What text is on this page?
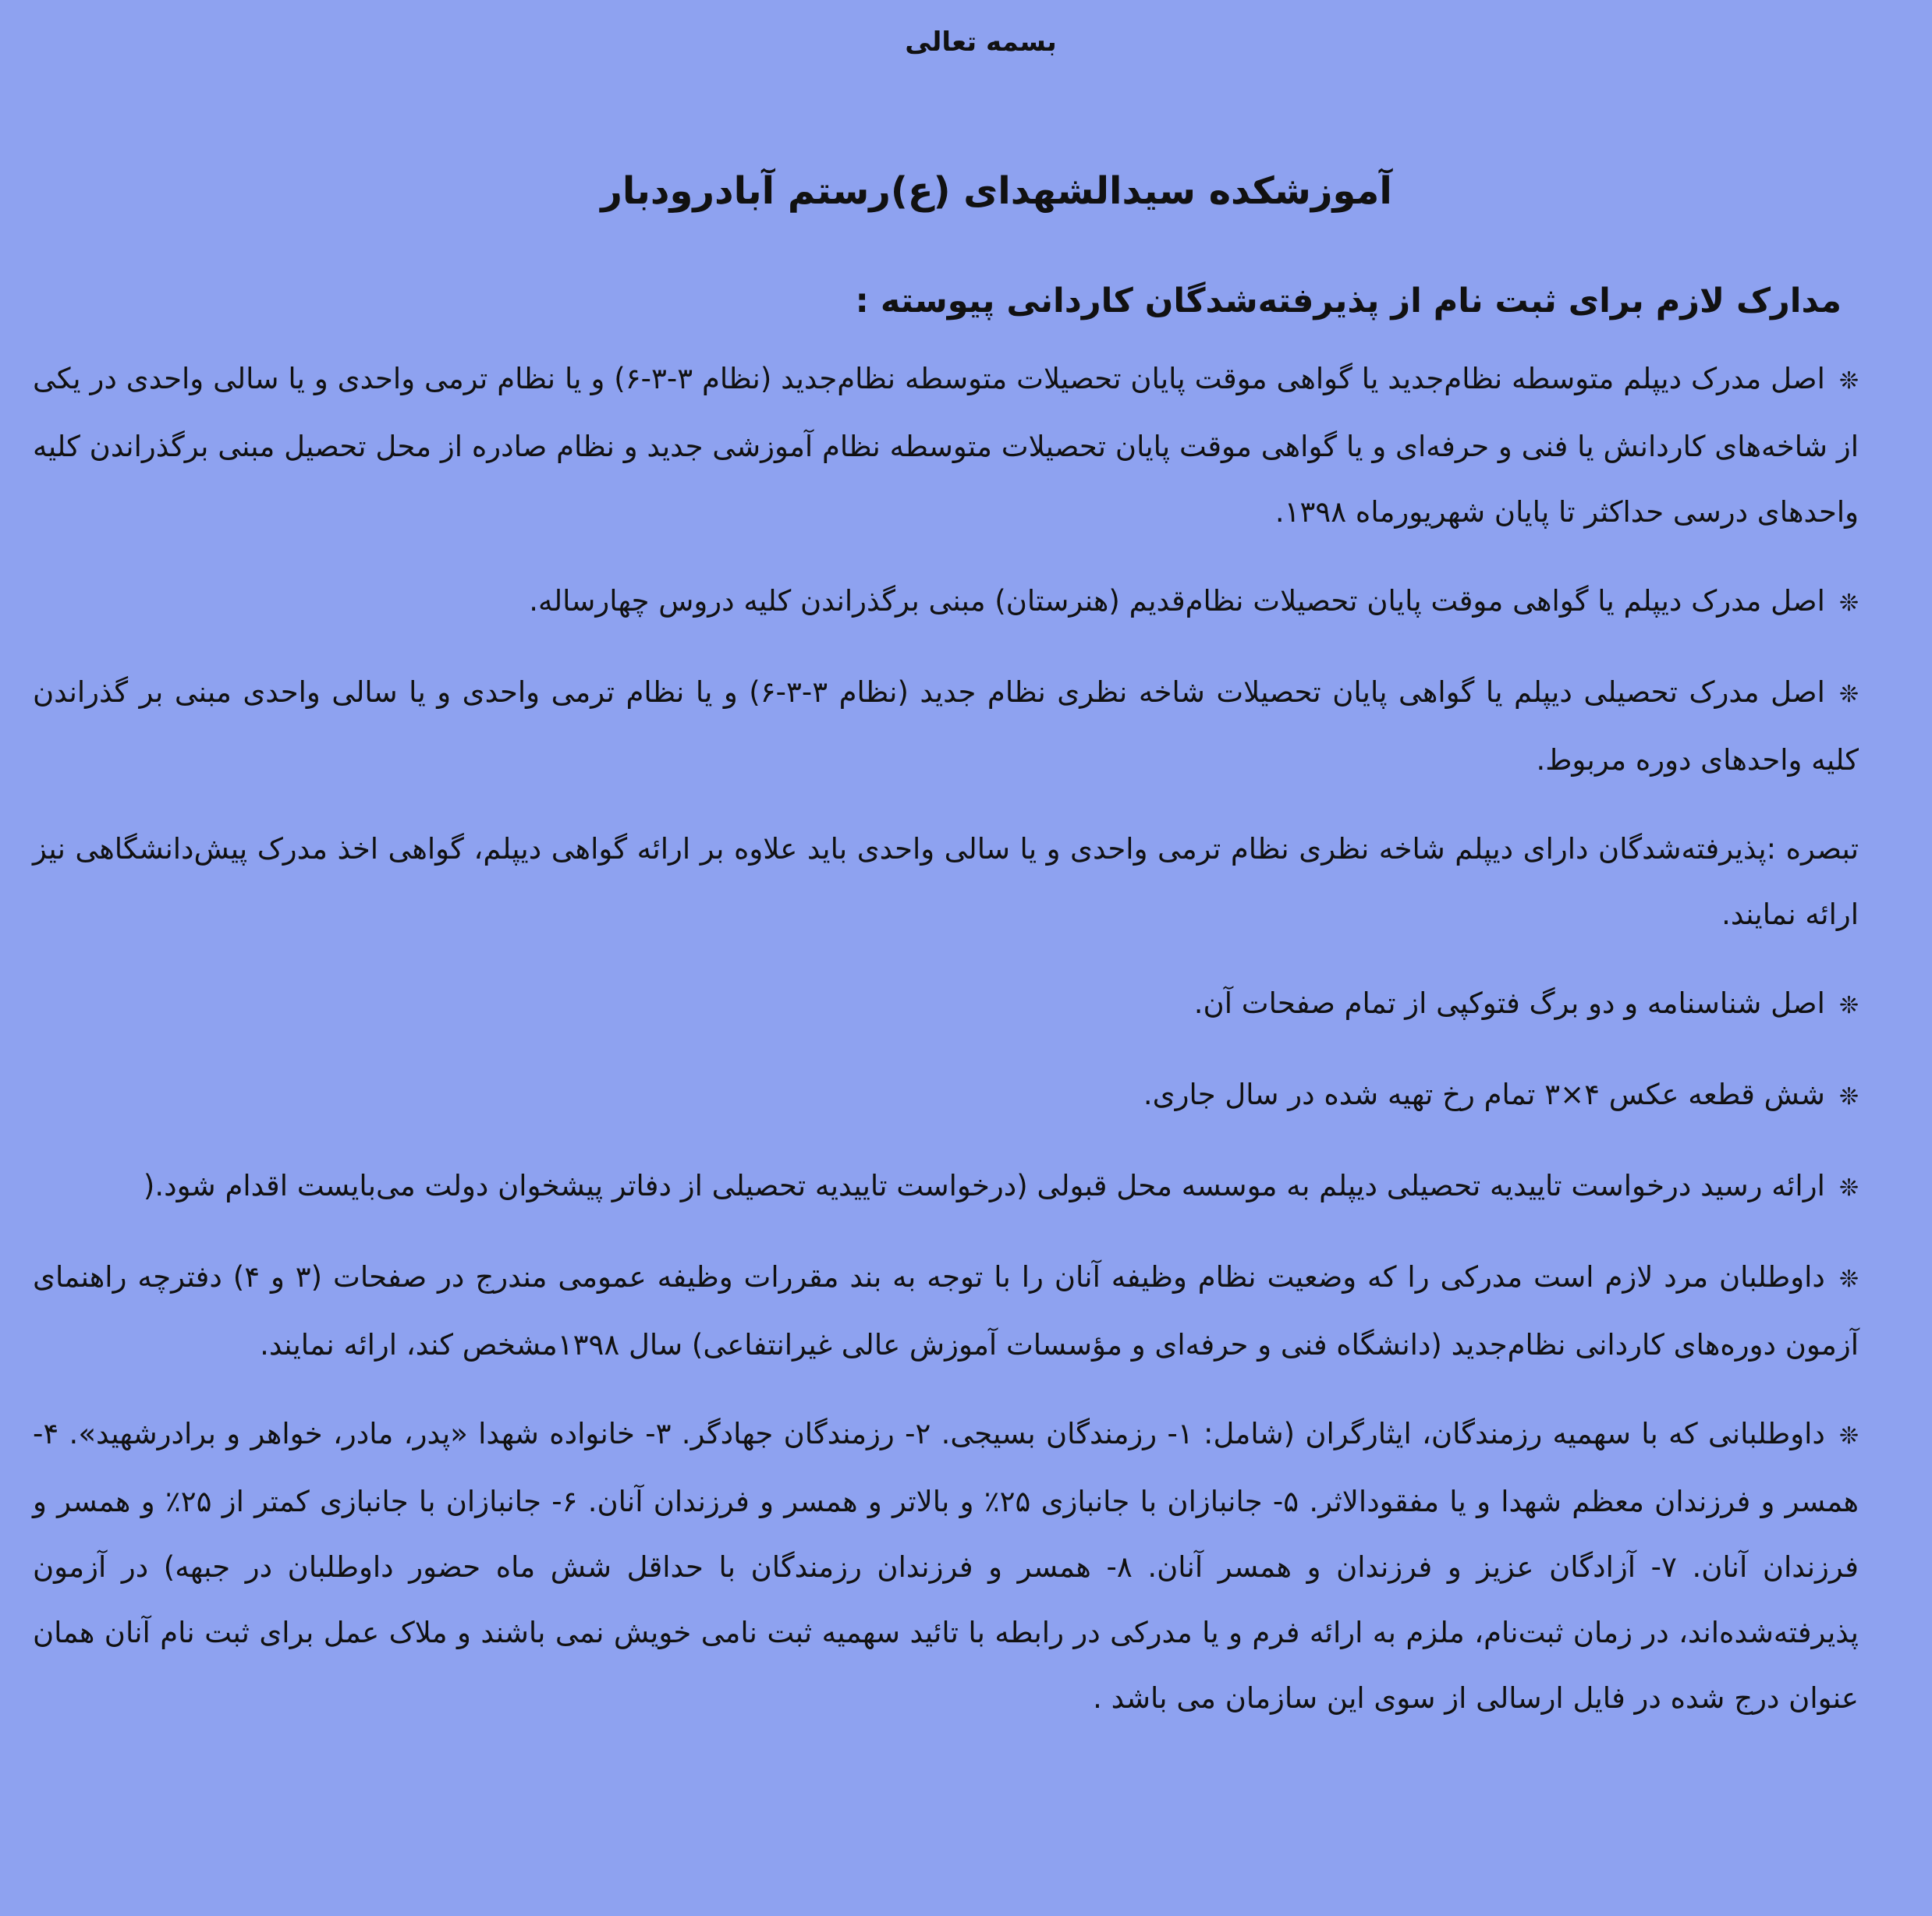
بسمه تعالی

آموزشکده سیدالشهدای (ع)رستم آبادرودبار
مدارک لازم برای ثبت نام از پذیرفته‌شدگان کاردانی پیوسته :

❊اصل مدرک دیپلم متوسطه نظام‌جدید یا گواهی موقت پایان تحصیلات متوسطه نظام‌جدید (نظام ۳-۳-۶) و یا نظام ترمی واحدی و یا سالی واحدی در یکی از شاخه‌های کاردانش یا فنی و حرفه‌ای و یا گواهی موقت پایان تحصیلات متوسطه نظام آموزشی جدید و نظام صادره از محل تحصیل مبنی برگذراندن کلیه واحدهای درسی حداکثر تا پایان شهریورماه ۱۳۹۸.

❊اصل مدرک دیپلم یا گواهی موقت پایان تحصیلات نظام‌قدیم (هنرستان) مبنی برگذراندن کلیه دروس چهارساله.

❊اصل مدرک تحصیلی دیپلم یا گواهی پایان تحصیلات شاخه نظری نظام جدید (نظام ۳-۳-۶) و یا نظام ترمی واحدی و یا سالی واحدی مبنی بر گذراندن کلیه واحدهای دوره مربوط.

تبصره :پذیرفته‌شدگان دارای دیپلم شاخه نظری نظام ترمی واحدی و یا سالی واحدی باید علاوه بر ارائه گواهی دیپلم، گواهی اخذ مدرک پیش‌دانشگاهی نیز ارائه نمایند.

❊اصل شناسنامه و دو برگ فتوکپی از تمام صفحات آن.

❊شش قطعه عکس ۴×۳ تمام رخ تهیه شده در سال جاری.

❊ارائه رسید درخواست تاییدیه تحصیلی دیپلم به موسسه محل قبولی (درخواست تاییدیه تحصیلی از دفاتر پیشخوان دولت می‌بایست اقدام شود.(

❊داوطلبان مرد لازم است مدرکی را که وضعیت نظام وظیفه آنان را با توجه به بند مقررات وظیفه عمومی مندرج در صفحات (۳ و ۴) دفترچه راهنمای آزمون دوره‌های کاردانی نظام‌جدید (دانشگاه فنی و حرفه‌ای و مؤسسات آموزش عالی غیرانتفاعی) سال ۱۳۹۸مشخص کند، ارائه نمایند.

❊داوطلبانی که با سهمیه رزمندگان، ایثارگران (شامل: ۱- رزمندگان بسیجی. ۲- رزمندگان جهادگر. ۳- خانواده شهدا «پدر، مادر، خواهر و برادرشهید». ۴- همسر و فرزندان معظم شهدا و یا مفقودالاثر. ۵- جانبازان با جانبازی ۲۵٪ و بالاتر و همسر و فرزندان آنان. ۶- جانبازان با جانبازی کمتر از ۲۵٪ و همسر و فرزندان آنان. ۷- آزادگان عزیز و فرزندان و همسر آنان. ۸- همسر و فرزندان رزمندگان با حداقل شش ماه حضور داوطلبان در جبهه) در آزمون پذیرفته‌شده‌اند، در زمان ثبت‌نام، ملزم به ارائه فرم و یا مدرکی در رابطه با تائید سهمیه ثبت نامی خویش نمی باشند و ملاک عمل برای ثبت نام آنان همان عنوان درج شده در فایل ارسالی از سوی این سازمان می باشد .
